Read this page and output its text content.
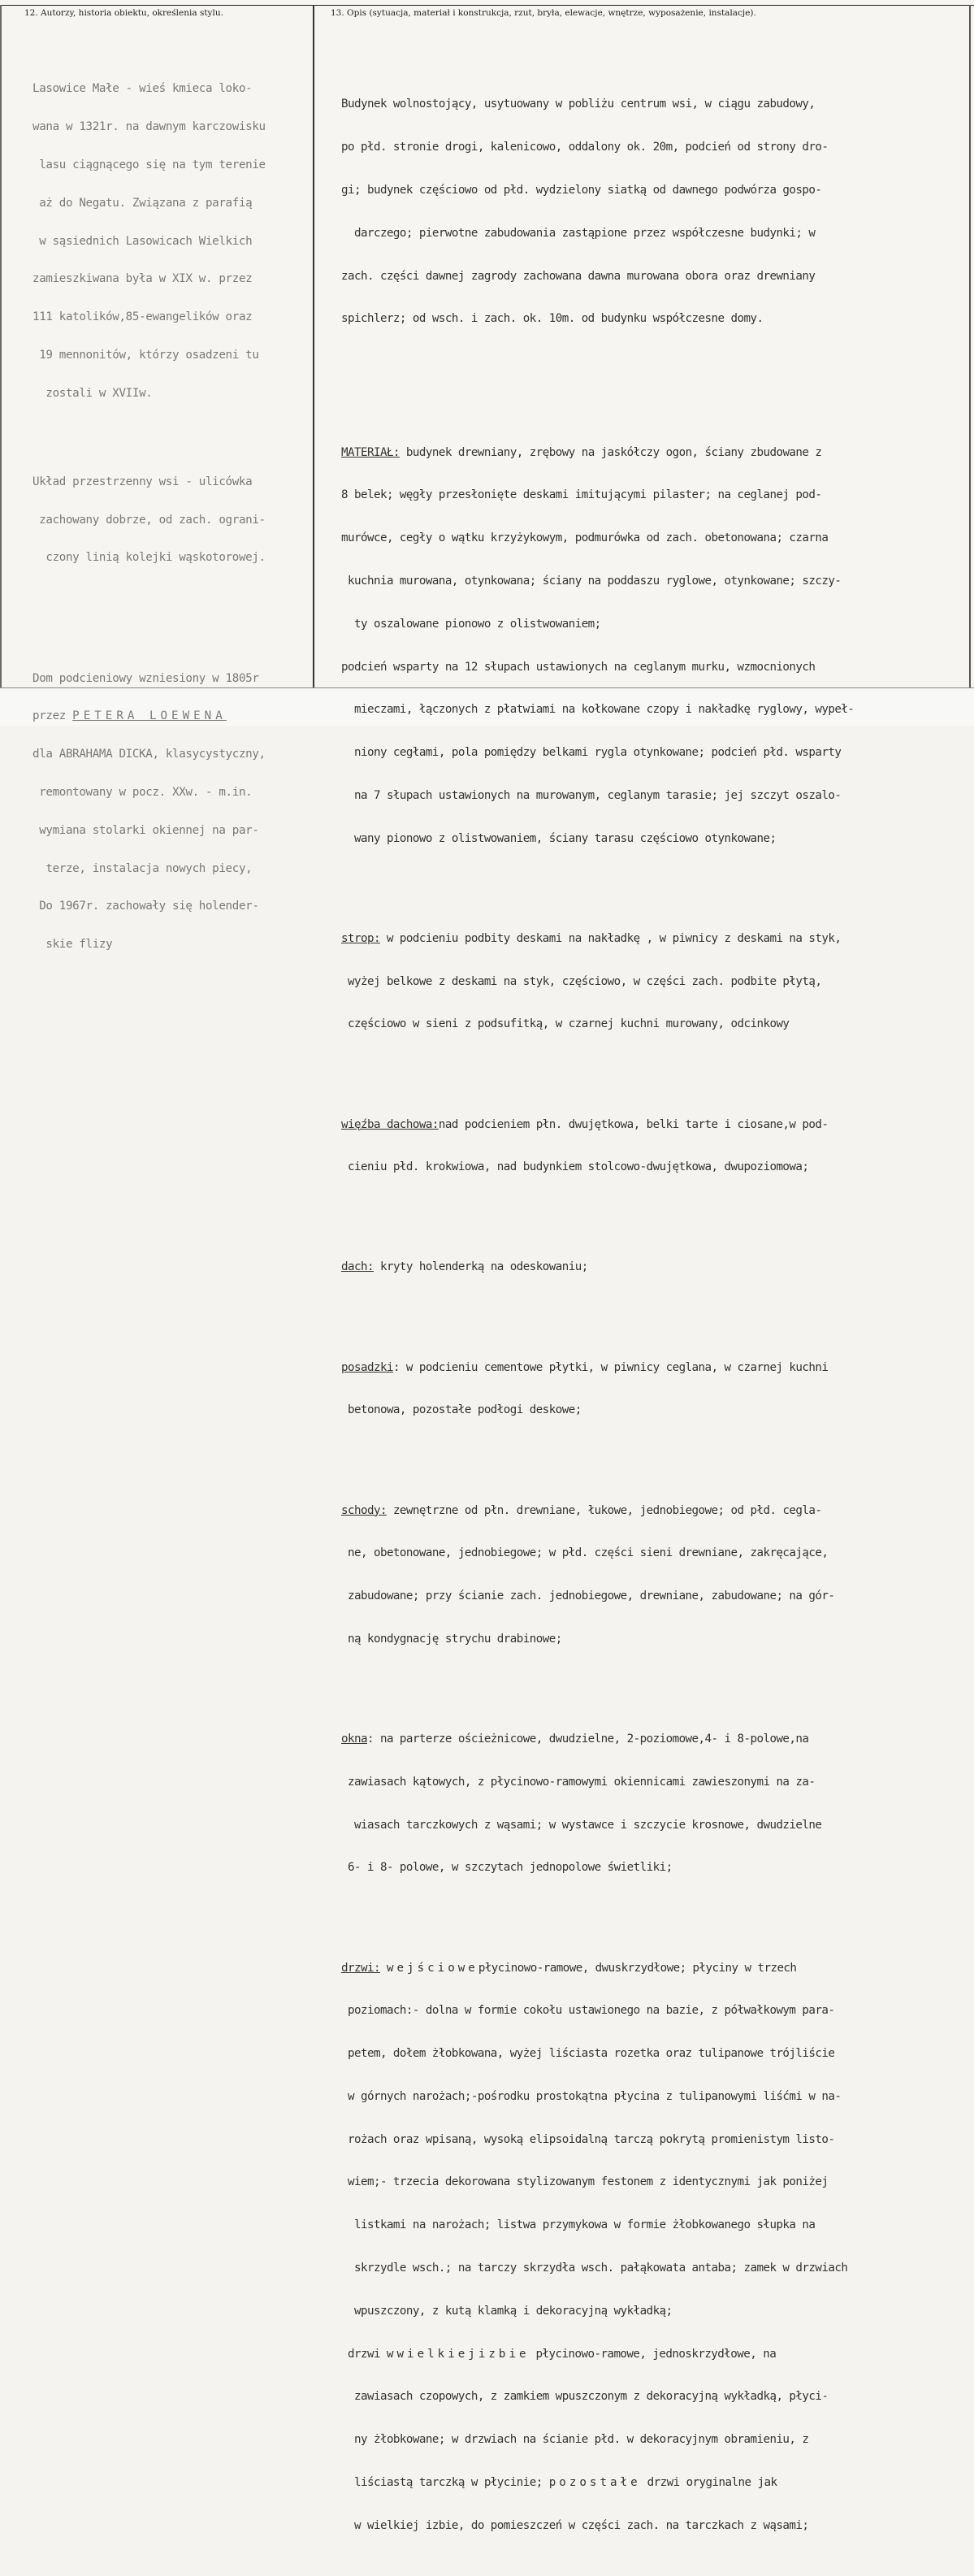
12. Autorzy, historia obiektu, określenia stylu.	13. Opis (sytuacja, materiał i konstrukcja, rzut, bryła, elewacje, wnętrze, wyposażenie, instalacje).

Lasowice Małe - wieś kmieca loko-

wana w 1321r. na dawnym karczowisku

lasu ciągnącego się na tym terenie

aż do Negatu. Związana z parafią

w sąsiednich Lasowicach Wielkich

zamieszkiwana była w XIX w. przez

111 katolików,85-ewangelików oraz

19 mennonitów, którzy osadzeni tu

zostali w XVIIw.

Układ przestrzenny wsi - ulicówka

zachowany dobrze, od zach. ograni-

czony linią kolejki wąskotorowej.

Dom podcieniowy wzniesiony w 1805r

przez PETERA LOEWENA

dla ABRAHAMA DICKA, klasycystyczny,

remontowany w pocz. XXw. - m.in.

wymiana stolarki okiennej na par-

terze, instalacja nowych piecy,

Do 1967r. zachowały się holender-

skie flizy

Budynek wolnostojący, usytuowany w pobliżu centrum wsi, w ciągu zabudowy,

po płd. stronie drogi, kalenicowo, oddalony ok. 20m, podcień od strony dro-

gi; budynek częściowo od płd. wydzielony siatką od dawnego podwórza gospo-

darczego; pierwotne zabudowania zastąpione przez współczesne budynki; w

zach. części dawnej zagrody zachowana dawna murowana obora oraz drewniany

spichlerz; od wsch. i zach. ok. 10m. od budynku współczesne domy.

MATERIAŁ: budynek drewniany, zrębowy na jaskółczy ogon, ściany zbudowane z

8 belek; węgły przesłonięte deskami imitującymi pilaster; na ceglanej pod-

murówce, cegły o wątku krzyżykowym, podmurówka od zach. obetonowana; czarna

kuchnia murowana, otynkowana; ściany na poddaszu ryglowe, otynkowane; szczy-

ty oszalowane pionowo z olistwowaniem;

podcień wsparty na 12 słupach ustawionych na ceglanym murku, wzmocnionych

mieczami, łączonych z płatwiami na kołkowane czopy i nakładkę ryglowy, wypeł-

niony cegłami, pola pomiędzy belkami rygla otynkowane; podcień płd. wsparty

na 7 słupach ustawionych na murowanym, ceglanym tarasie; jej szczyt oszalo-

wany pionowo z olistwowaniem, ściany tarasu częściowo otynkowane;

strop: w podcieniu podbity deskami na nakładkę , w piwnicy z deskami na styk,

wyżej belkowe z deskami na styk, częściowo, w części zach. podbite płytą,

częściowo w sieni z podsufitką, w czarnej kuchni murowany, odcinkowy

więźba dachowa:nad podcieniem płn. dwujętkowa, belki tarte i ciosane,w pod-

cieniu płd. krokwiowa, nad budynkiem stolcowo-dwujętkowa, dwupoziomowa;

dach: kryty holenderką na odeskowaniu;

posadzki: w podcieniu cementowe płytki, w piwnicy ceglana, w czarnej kuchni

betonowa, pozostałe podłogi deskowe;

schody: zewnętrzne od płn. drewniane, łukowe, jednobiegowe; od płd. cegla-

ne, obetonowane, jednobiegowe; w płd. części sieni drewniane, zakręcające,

zabudowane; przy ścianie zach. jednobiegowe, drewniane, zabudowane; na gór-

ną kondygnację strychu drabinowe;

okna: na parterze ościeżnicowe, dwudzielne, 2-poziomowe,4- i 8-polowe,na

zawiasach kątowych, z płycinowo-ramowymi okiennicami zawieszonymi na za-

wiasach tarczkowych z wąsami; w wystawce i szczycie krosnowe, dwudzielne

6- i 8- polowe, w szczytach jednopolowe świetliki;

drzwi: wejściowepłycinowo-ramowe, dwuskrzydłowe; płyciny w trzech

poziomach:- dolna w formie cokołu ustawionego na bazie, z półwałkowym para-

petem, dołem żłobkowana, wyżej liściasta rozetka oraz tulipanowe trójliście

w górnych narożach;-pośrodku prostokątna płycina z tulipanowymi liśćmi w na-

rożach oraz wpisaną, wysoką elipsoidalną tarczą pokrytą promienistym listo-

wiem;- trzecia dekorowana stylizowanym festonem z identycznymi jak poniżej

listkami na narożach; listwa przymykowa w formie żłobkowanego słupka na

skrzydle wsch.; na tarczy skrzydła wsch. pałąkowata antaba; zamek w drzwiach

wpuszczony, z kutą klamką i dekoracyjną wykładką;

drzwi wwielkiejizbie płycinowo-ramowe, jednoskrzydłowe, na

zawiasach czopowych, z zamkiem wpuszczonym z dekoracyjną wykładką, płyci-

ny żłobkowane; w drzwiach na ścianie płd. w dekoracyjnym obramieniu, z

liściastą tarczką w płycinie; pozostałe drzwi oryginalne jak

w wielkiej izbie, do pomieszczeń w części zach. na tarczkach z wąsami;
